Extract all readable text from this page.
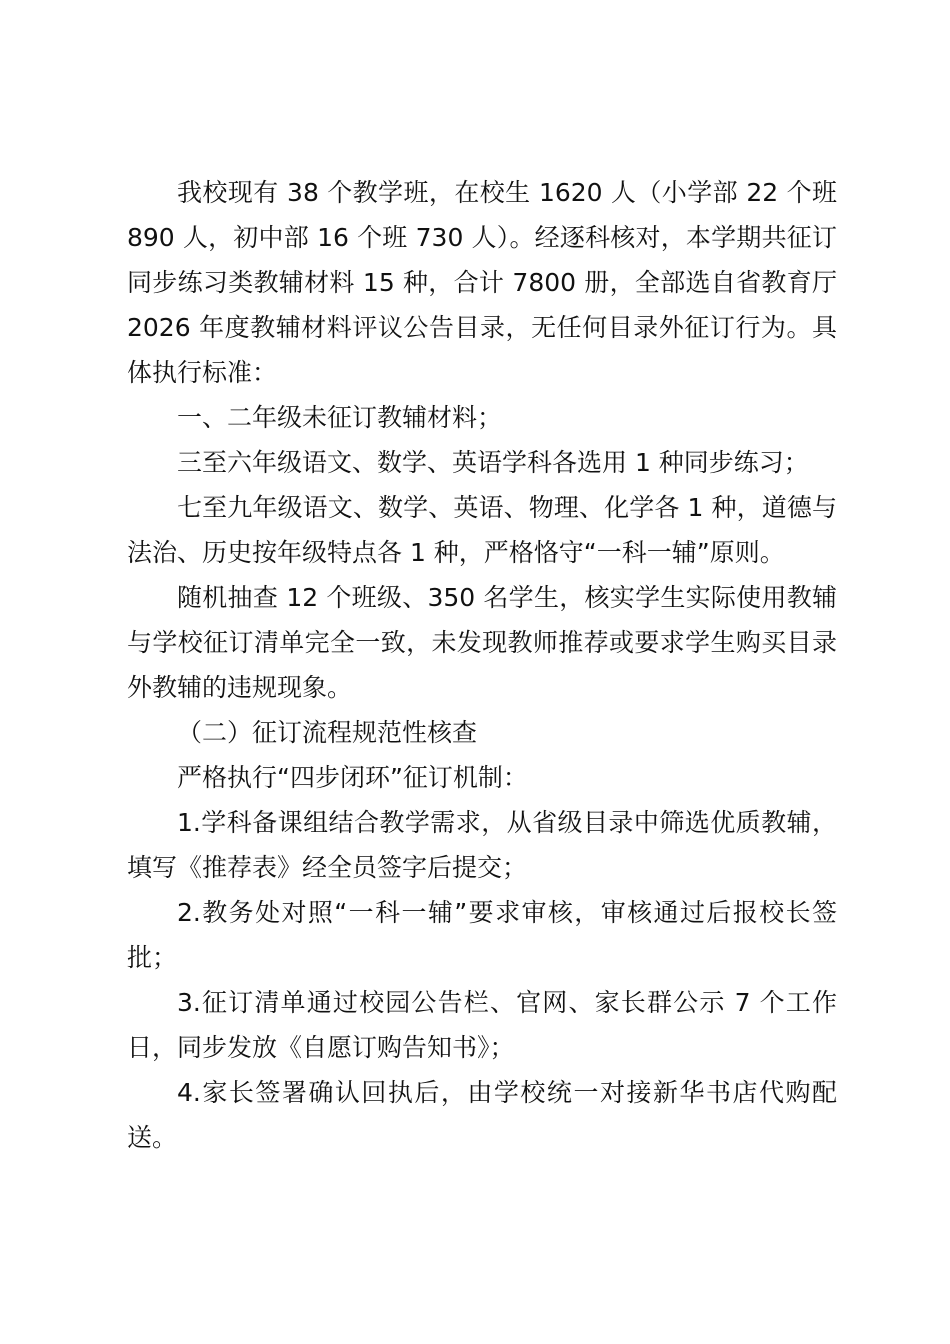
我校现有 38 个教学班，在校生 1620 人（小学部 22 个班 890 人，初中部 16 个班 730 人）。经逐科核对，本学期共征订同步练习类教辅材料 15 种，合计 7800 册，全部选自省教育厅 2026 年度教辅材料评议公告目录，无任何目录外征订行为。具体执行标准：

一、二年级未征订教辅材料；

三至六年级语文、数学、英语学科各选用 1 种同步练习；

七至九年级语文、数学、英语、物理、化学各 1 种，道德与法治、历史按年级特点各 1 种，严格恪守“一科一辅”原则。

随机抽查 12 个班级、350 名学生，核实学生实际使用教辅与学校征订清单完全一致，未发现教师推荐或要求学生购买目录外教辅的违规现象。

（二）征订流程规范性核查

严格执行“四步闭环”征订机制：

1.学科备课组结合教学需求，从省级目录中筛选优质教辅，填写《推荐表》经全员签字后提交；

2.教务处对照“一科一辅”要求审核，审核通过后报校长签批；

3.征订清单通过校园公告栏、官网、家长群公示 7 个工作日，同步发放《自愿订购告知书》；

4.家长签署确认回执后，由学校统一对接新华书店代购配送。
